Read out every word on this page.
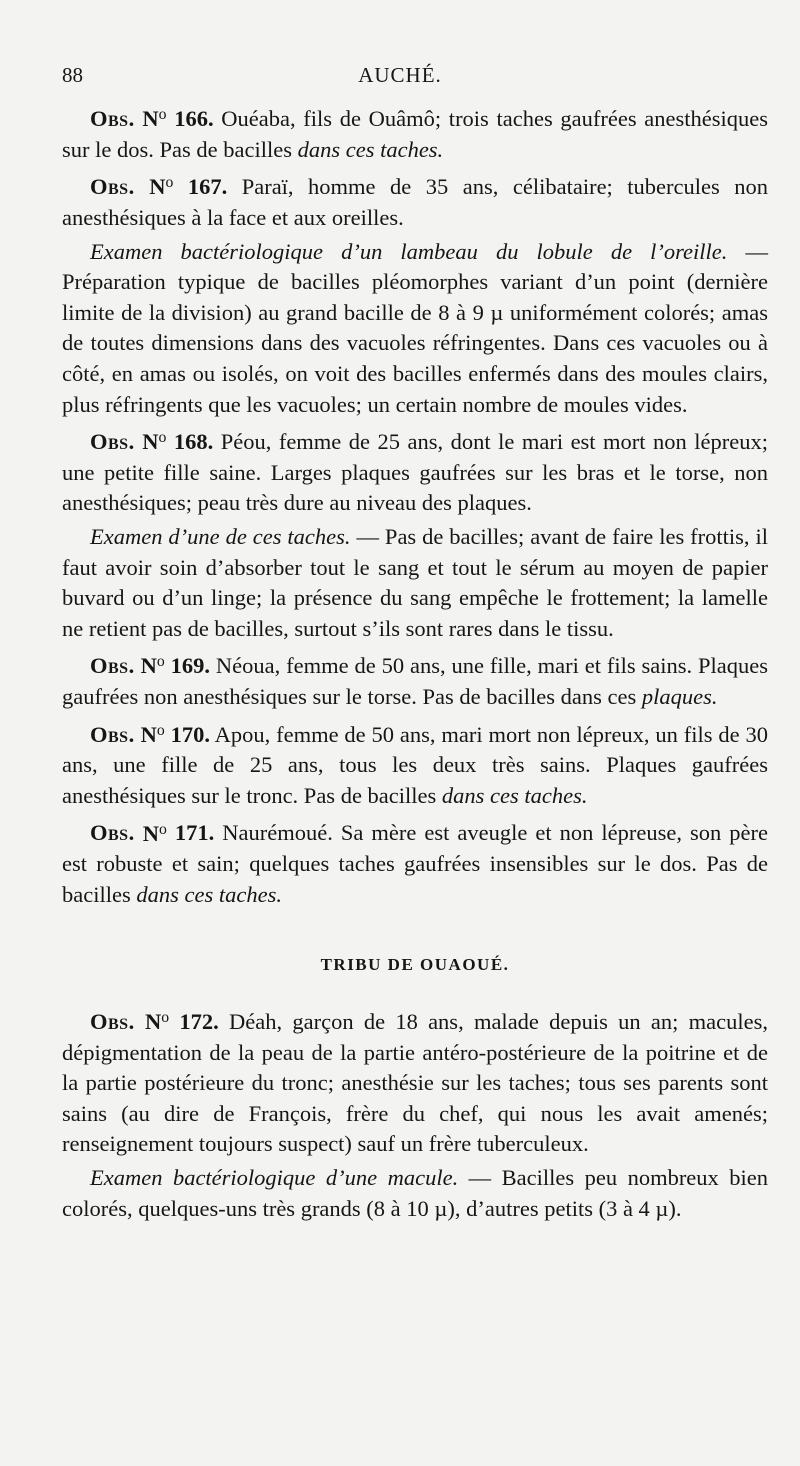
88	AUCHÉ.

Obs. $N^o$ 166. Ouéaba, fils de Ouâmô; trois taches gaufrées anesthésiques sur le dos. Pas de bacilles dans ces taches.

Obs. $N^o$ 167. Paraï, homme de 35 ans, célibataire; tubercules non anesthésiques à la face et aux oreilles.

Examen bactériologique d’un lambeau du lobule de l’oreille. — Préparation typique de bacilles pléomorphes variant d’un point (dernière limite de la division) au grand bacille de 8 à 9 µ uniformément colorés; amas de toutes dimensions dans des vacuoles réfringentes. Dans ces vacuoles ou à côté, en amas ou isolés, on voit des bacilles enfermés dans des moules clairs, plus réfringents que les vacuoles; un certain nombre de moules vides.

Obs. $N^o$ 168. Péou, femme de 25 ans, dont le mari est mort non lépreux; une petite fille saine. Larges plaques gaufrées sur les bras et le torse, non anesthésiques; peau très dure au niveau des plaques.

Examen d’une de ces taches. — Pas de bacilles; avant de faire les frottis, il faut avoir soin d’absorber tout le sang et tout le sérum au moyen de papier buvard ou d’un linge; la présence du sang empêche le frottement; la lamelle ne retient pas de bacilles, surtout s’ils sont rares dans le tissu.

Obs. $N^o$ 169. Néoua, femme de 50 ans, une fille, mari et fils sains. Plaques gaufrées non anesthésiques sur le torse. Pas de bacilles dans ces plaques.

Obs. $N^o$ 170. Apou, femme de 50 ans, mari mort non lépreux, un fils de 30 ans, une fille de 25 ans, tous les deux très sains. Plaques gaufrées anesthésiques sur le tronc. Pas de bacilles dans ces taches.

Obs. $N^o$ 171. Naurémoué. Sa mère est aveugle et non lépreuse, son père est robuste et sain; quelques taches gaufrées insensibles sur le dos. Pas de bacilles dans ces taches.

TRIBU DE OUAOUÉ.

Obs. $N^o$ 172. Déah, garçon de 18 ans, malade depuis un an; macules, dépigmentation de la peau de la partie antéro-postérieure de la poitrine et de la partie postérieure du tronc; anesthésie sur les taches; tous ses parents sont sains (au dire de François, frère du chef, qui nous les avait amenés; renseignement toujours suspect) sauf un frère tuberculeux.

Examen bactériologique d’une macule. — Bacilles peu nombreux bien colorés, quelques-uns très grands (8 à 10 µ), d’autres petits (3 à 4 µ).
